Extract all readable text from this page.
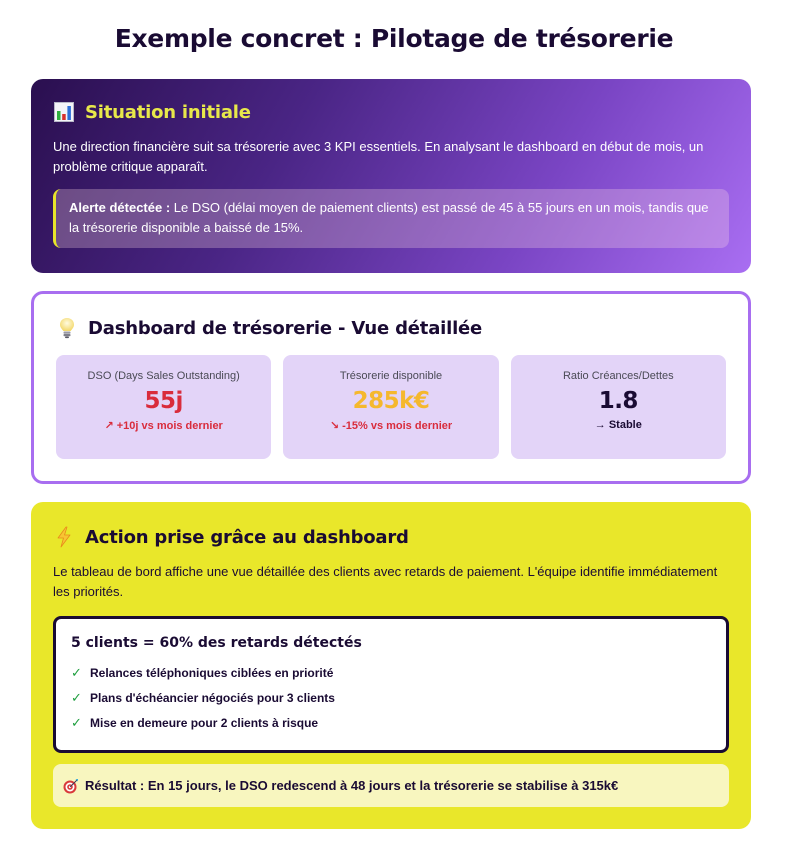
Exemple concret : Pilotage de trésorerie
Situation initiale

Une direction financière suit sa trésorerie avec 3 KPI essentiels. En analysant le dashboard en début de mois, un problème critique apparaît.

Alerte détectée : Le DSO (délai moyen de paiement clients) est passé de 45 à 55 jours en un mois, tandis que la trésorerie disponible a baissé de 15%.
Dashboard de trésorerie - Vue détaillée
DSO (Days Sales Outstanding)
55j
↗ +10j vs mois dernier
Trésorerie disponible
285k€
↘ -15% vs mois dernier
Ratio Créances/Dettes
1.8
→ Stable
Action prise grâce au dashboard

Le tableau de bord affiche une vue détaillée des clients avec retards de paiement. L'équipe identifie immédiatement les priorités.

5 clients = 60% des retards détectés
✓ Relances téléphoniques ciblées en priorité
✓ Plans d'échéancier négociés pour 3 clients
✓ Mise en demeure pour 2 clients à risque
Résultat : En 15 jours, le DSO redescend à 48 jours et la trésorerie se stabilise à 315k€
